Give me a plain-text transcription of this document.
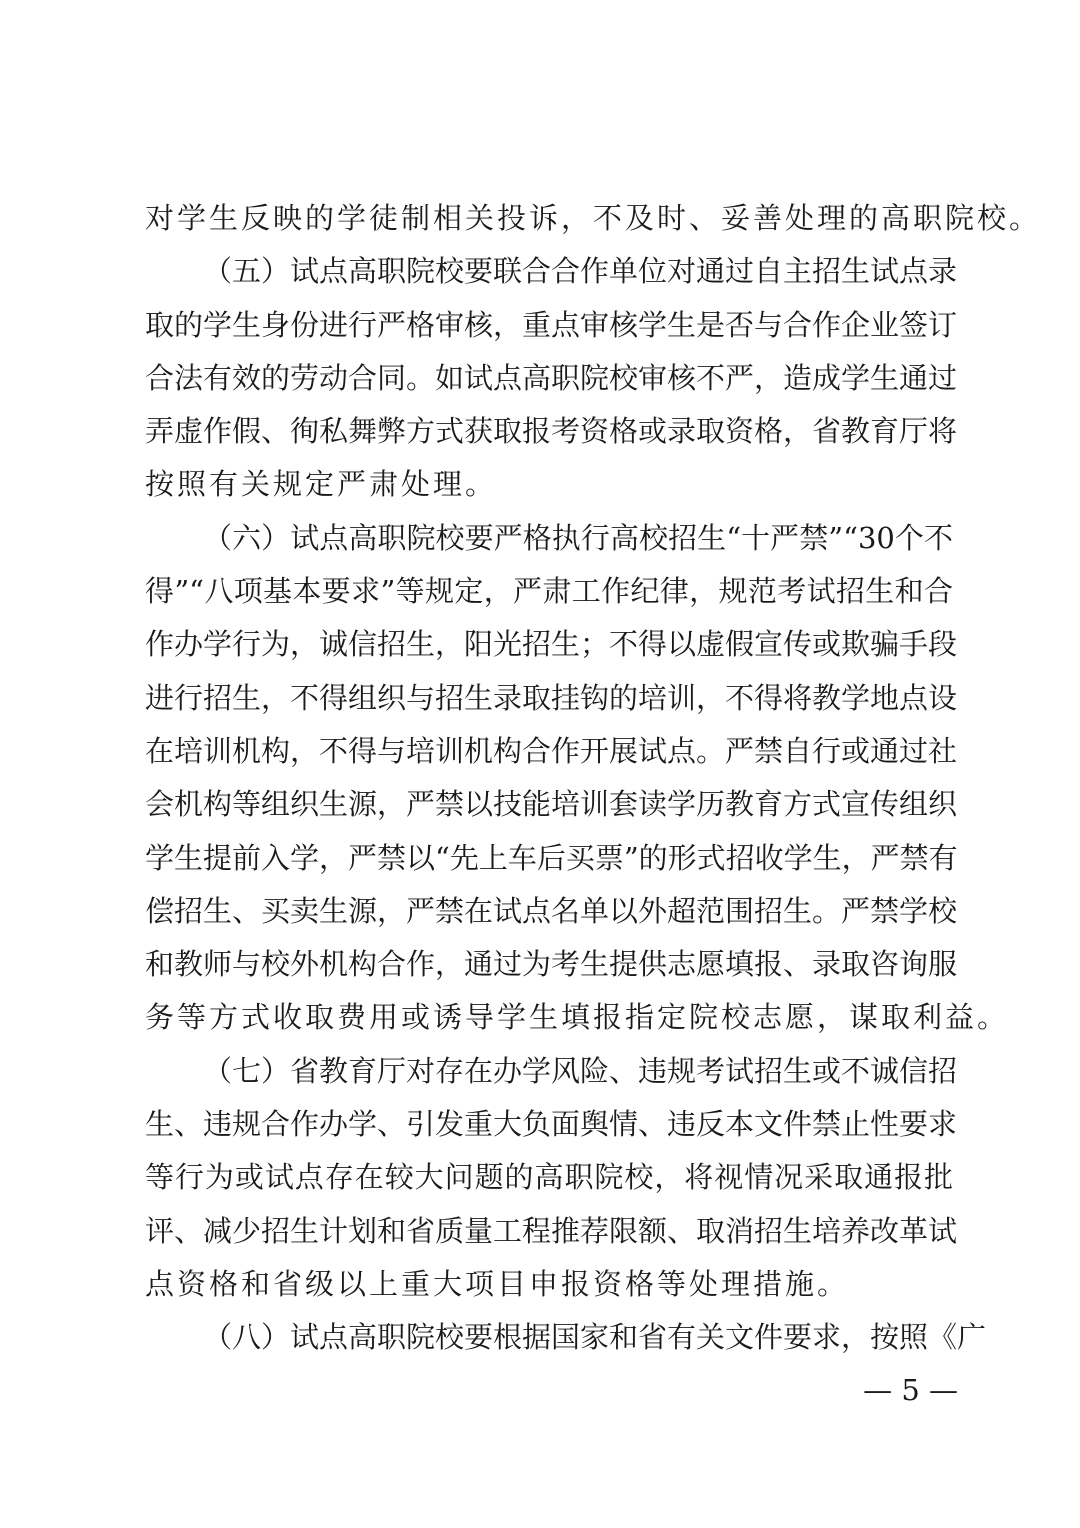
对学生反映的学徒制相关投诉，不及时、妥善处理的高职院校。
（五）试点高职院校要联合合作单位对通过自主招生试点录
取的学生身份进行严格审核，重点审核学生是否与合作企业签订
合法有效的劳动合同。如试点高职院校审核不严，造成学生通过
弄虚作假、徇私舞弊方式获取报考资格或录取资格，省教育厅将
按照有关规定严肃处理。
（六）试点高职院校要严格执行高校招生“十严禁”“30个不
得”“八项基本要求”等规定，严肃工作纪律，规范考试招生和合
作办学行为，诚信招生，阳光招生；不得以虚假宣传或欺骗手段
进行招生，不得组织与招生录取挂钩的培训，不得将教学地点设
在培训机构，不得与培训机构合作开展试点。严禁自行或通过社
会机构等组织生源，严禁以技能培训套读学历教育方式宣传组织
学生提前入学，严禁以“先上车后买票”的形式招收学生，严禁有
偿招生、买卖生源，严禁在试点名单以外超范围招生。严禁学校
和教师与校外机构合作，通过为考生提供志愿填报、录取咨询服
务等方式收取费用或诱导学生填报指定院校志愿，谋取利益。
（七）省教育厅对存在办学风险、违规考试招生或不诚信招
生、违规合作办学、引发重大负面舆情、违反本文件禁止性要求
等行为或试点存在较大问题的高职院校，将视情况采取通报批
评、减少招生计划和省质量工程推荐限额、取消招生培养改革试
点资格和省级以上重大项目申报资格等处理措施。
（八）试点高职院校要根据国家和省有关文件要求，按照《广
— 5 —
